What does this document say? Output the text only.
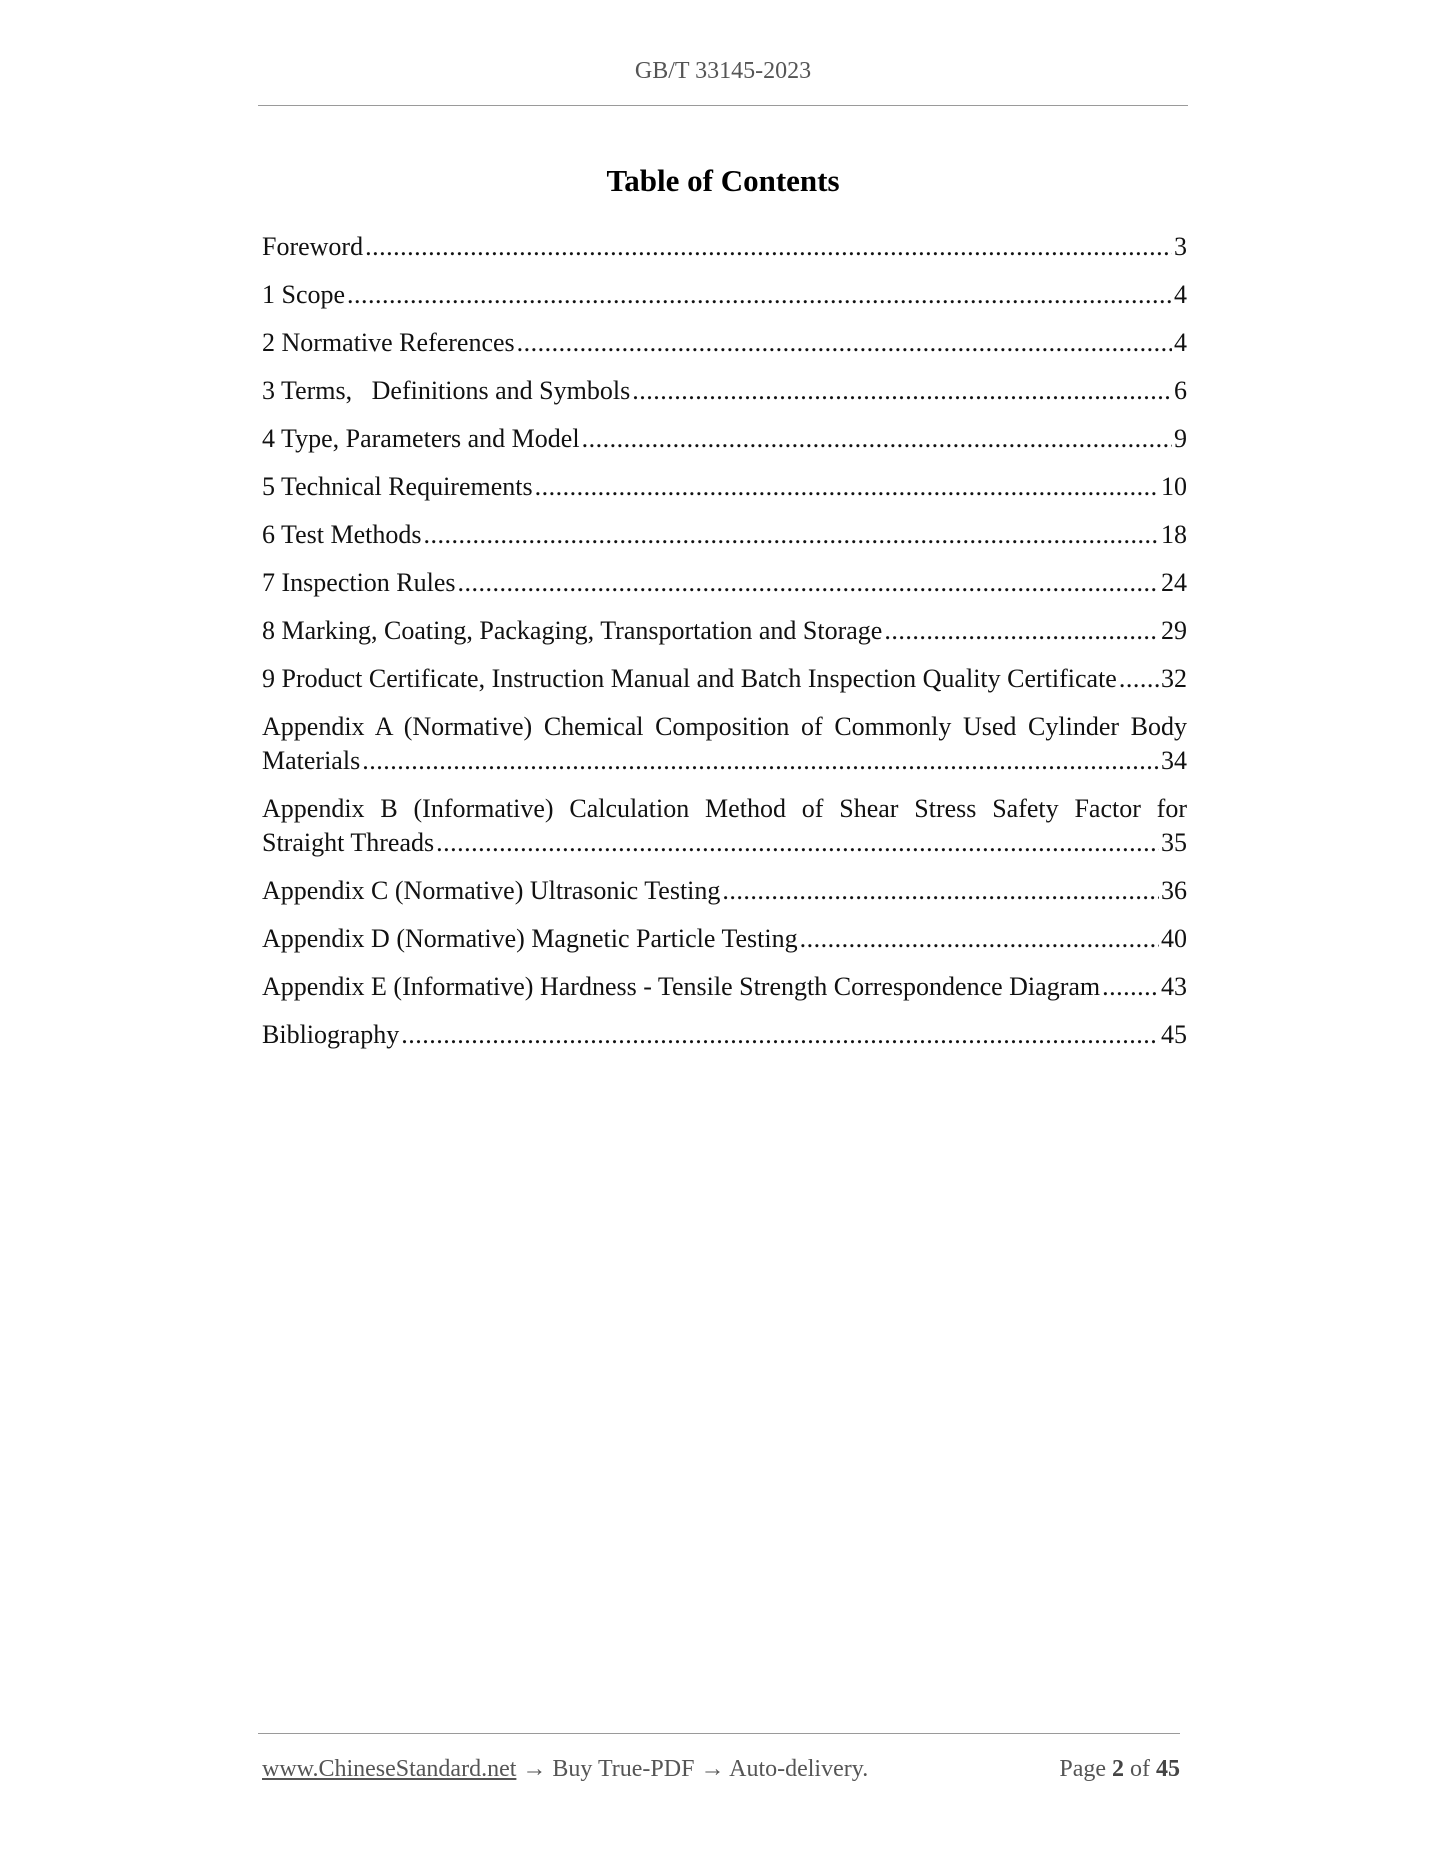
GB/T 33145-2023
Table of Contents
Foreword .....	3
1 Scope .....	4
2 Normative References .....	4
3 Terms,   Definitions and Symbols .....	6
4 Type, Parameters and Model .....	9
5 Technical Requirements .....	10
6 Test Methods .....	18
7 Inspection Rules .....	24
8 Marking, Coating, Packaging, Transportation and Storage .....	29
9 Product Certificate, Instruction Manual and Batch Inspection Quality Certificate ..... 32
Appendix A (Normative) Chemical Composition of Commonly Used Cylinder Body
Materials .....	34
Appendix B (Informative) Calculation Method of Shear Stress Safety Factor for
Straight Threads .....	35
Appendix C (Normative) Ultrasonic Testing .....	36
Appendix D (Normative) Magnetic Particle Testing .....	40
Appendix E (Informative) Hardness - Tensile Strength Correspondence Diagram ..... 43
Bibliography .....	45
www.ChineseStandard.net → Buy True-PDF → Auto-delivery.	Page 2 of 45
